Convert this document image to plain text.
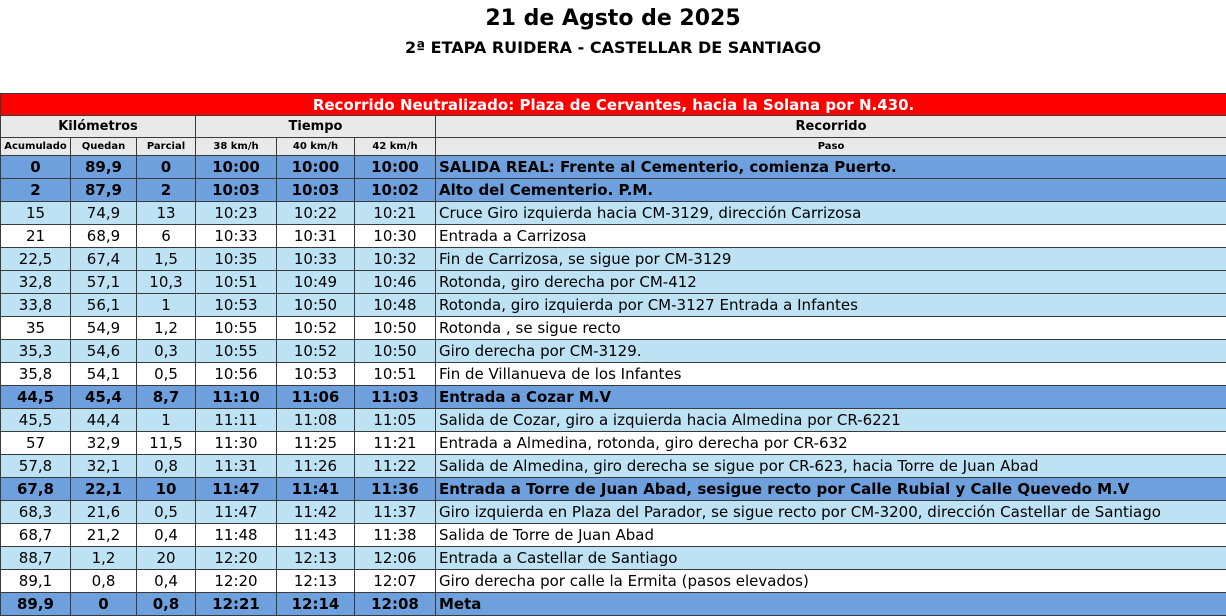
21 de Agsto de 2025
2ª ETAPA RUIDERA - CASTELLAR DE SANTIAGO
Recorrido Neutralizado: Plaza de Cervantes, hacia la Solana por N.430.						
Kilómetros			Tiempo			Recorrido
Acumulado	Quedan	Parcial	38 km/h	40 km/h	42 km/h	Paso
0	89,9	0	10:00	10:00	10:00	SALIDA REAL: Frente al Cementerio, comienza Puerto.
2	87,9	2	10:03	10:03	10:02	Alto del Cementerio. P.M.
15	74,9	13	10:23	10:22	10:21	Cruce Giro izquierda hacia CM-3129, dirección Carrizosa
21	68,9	6	10:33	10:31	10:30	Entrada a Carrizosa
22,5	67,4	1,5	10:35	10:33	10:32	Fin de Carrizosa, se sigue por CM-3129
32,8	57,1	10,3	10:51	10:49	10:46	Rotonda, giro derecha por CM-412
33,8	56,1	1	10:53	10:50	10:48	Rotonda, giro izquierda por CM-3127 Entrada a Infantes
35	54,9	1,2	10:55	10:52	10:50	Rotonda , se sigue recto
35,3	54,6	0,3	10:55	10:52	10:50	Giro derecha por CM-3129.
35,8	54,1	0,5	10:56	10:53	10:51	Fin de Villanueva de los Infantes
44,5	45,4	8,7	11:10	11:06	11:03	Entrada a Cozar M.V
45,5	44,4	1	11:11	11:08	11:05	Salida de Cozar, giro a izquierda hacia Almedina por CR-6221
57	32,9	11,5	11:30	11:25	11:21	Entrada a Almedina, rotonda, giro derecha por CR-632
57,8	32,1	0,8	11:31	11:26	11:22	Salida de Almedina, giro derecha se sigue por CR-623, hacia Torre de Juan Abad
67,8	22,1	10	11:47	11:41	11:36	Entrada a Torre de Juan Abad, sesigue recto por Calle Rubial y Calle Quevedo M.V
68,3	21,6	0,5	11:47	11:42	11:37	Giro izquierda en Plaza del Parador, se sigue recto por CM-3200, dirección Castellar de Santiago
68,7	21,2	0,4	11:48	11:43	11:38	Salida de Torre de Juan Abad
88,7	1,2	20	12:20	12:13	12:06	Entrada a Castellar de Santiago
89,1	0,8	0,4	12:20	12:13	12:07	Giro derecha por calle la Ermita (pasos elevados)
89,9	0	0,8	12:21	12:14	12:08	Meta
